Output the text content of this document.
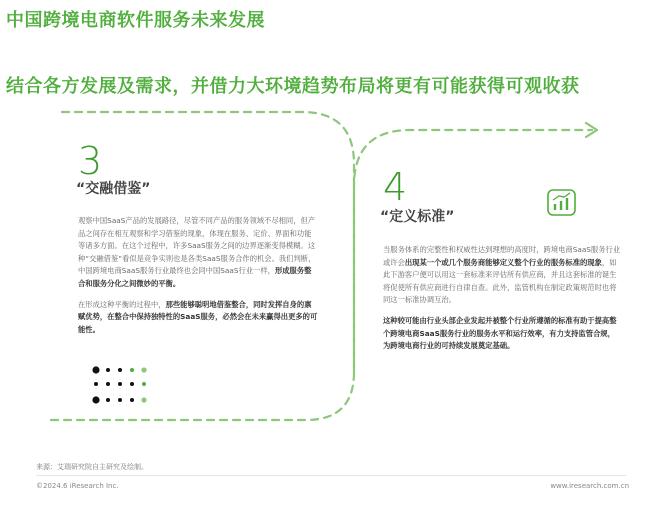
中国跨境电商软件服务未来发展
结合各方发展及需求，并借力大环境趋势布局将更有可能获得可观收获
3
“交融借鉴”

观察中国SaaS产品的发展路径，尽管不同产品的服务领域不尽相同，但产品之间存在相互观察和学习借鉴的现象，体现在服务、定价、界面和功能等诸多方面。在这个过程中，许多SaaS服务之间的边界逐渐变得模糊。这种“交融借鉴”看似是竞争实则也是各类SaaS服务合作的机会。我们判断，中国跨境电商SaaS服务行业最终也会同中国SaaS行业一样，形成服务整合和服务分化之间微妙的平衡。

在形成这种平衡的过程中，那些能够聪明地借鉴整合，同时发挥自身的禀赋优势，在整合中保持独特性的SaaS服务，必然会在未来赢得出更多的可能性。

4
“定义标准”

当服务体系的完整性和权威性达到理想的高度时，跨境电商SaaS服务行业或许会出现某一个或几个服务商能够定义整个行业的服务标准的现象，如此下游客户便可以用这一套标准来评估所有供应商，并且这套标准的诞生将促使所有供应商进行自律自查。此外，监管机构在制定政策规范时也将同这一标准协调互治。

这种较可能由行业头部企业发起并被整个行业所遵循的标准有助于提高整个跨境电商SaaS服务行业的服务水平和运行效率，有力支持监管合规，为跨境电商行业的可持续发展奠定基础。

来源：艾瑞研究院自主研究及绘制。
©2024.6 iResearch Inc.	www.iresearch.com.cn
